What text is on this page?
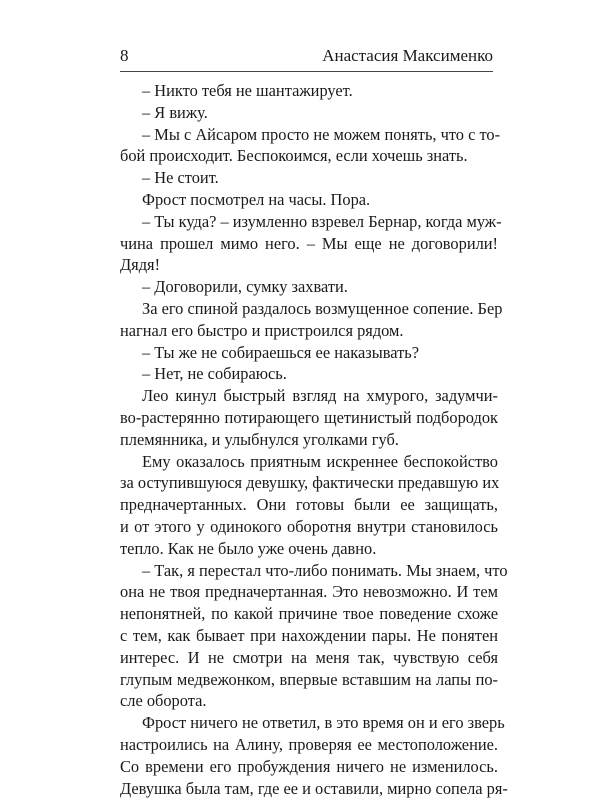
8	Анастасия Максименко
– Никто тебя не шантажирует.
– Я вижу.
– Мы с Айсаром просто не можем понять, что с то-
бой происходит. Беспокоимся, если хочешь знать.
– Не стоит.
Фрост посмотрел на часы. Пора.
– Ты куда? – изумленно взревел Бернар, когда муж-
чина прошел мимо него. – Мы еще не договорили!
Дядя!
– Договорили, сумку захвати.
За его спиной раздалось возмущенное сопение. Бер
нагнал его быстро и пристроился рядом.
– Ты же не собираешься ее наказывать?
– Нет, не собираюсь.
Лео кинул быстрый взгляд на хмурого, задумчи-
во-растерянно потирающего щетинистый подбородок
племянника, и улыбнулся уголками губ.
Ему оказалось приятным искреннее беспокойство
за оступившуюся девушку, фактически предавшую их
предначертанных. Они готовы были ее защищать,
и от этого у одинокого оборотня внутри становилось
тепло. Как не было уже очень давно.
– Так, я перестал что-либо понимать. Мы знаем, что
она не твоя предначертанная. Это невозможно. И тем
непонятней, по какой причине твое поведение схоже
с тем, как бывает при нахождении пары. Не понятен
интерес. И не смотри на меня так, чувствую себя
глупым медвежонком, впервые вставшим на лапы по-
сле оборота.
Фрост ничего не ответил, в это время он и его зверь
настроились на Алину, проверяя ее местоположение.
Со времени его пробуждения ничего не изменилось.
Девушка была там, где ее и оставили, мирно сопела ря-
